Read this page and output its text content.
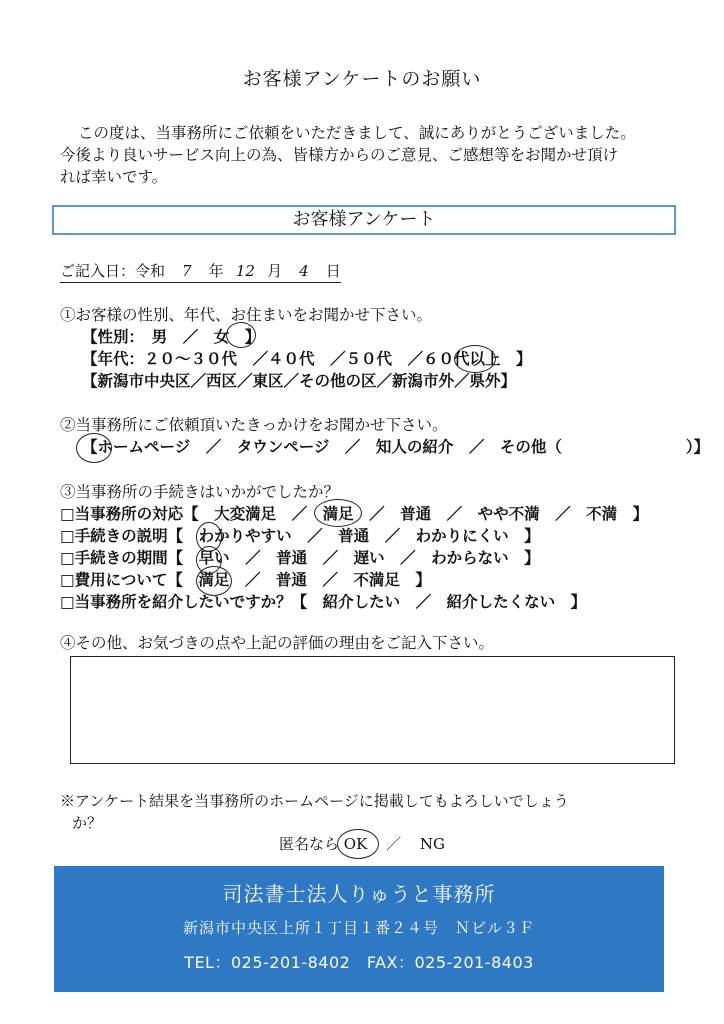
お客様アンケートのお願い

この度は、当事務所にご依頼をいただきまして、誠にありがとうございました。

今後より良いサービス向上の為、皆様方からのご意見、ご感想等をお聞かせ頂け

れば幸いです。

お客様アンケート
ご記入日：令和 7 年 12 月 4 日
①お客様の性別、年代、お住まいをお聞かせ下さい。
【性別：　男　／　女　】
【年代：２０～３０代　／４０代　／５０代　／６０代以上　】
【新潟市中央区／西区／東区／その他の区／新潟市外／県外】
②当事務所にご依頼頂いたきっかけをお聞かせ下さい。
【ホームページ　／　タウンページ　／　知人の紹介　／　その他（　　　　　　　　）】
③当事務所の手続きはいかがでしたか？
□当事務所の対応【　大変満足　／　満足　／　普通　／　やや不満　／　不満　】
□手続きの説明【　わかりやすい　／　普通　／　わかりにくい　】
□手続きの期間【　早い　／　普通　／　遅い　／　わからない　】
□費用について【　満足　／　普通　／　不満足　】
□当事務所を紹介したいですか？【　紹介したい　／　紹介したくない　】
④その他、お気づきの点や上記の評価の理由をご記入下さい。
※アンケート結果を当事務所のホームページに掲載してもよろしいでしょう
か？
匿名なら OK ／ NG
司法書士法人りゅうと事務所
新潟市中央区上所１丁目１番２４号　Ｎビル３Ｆ
TEL：025-201-8402　FAX：025-201-8403
